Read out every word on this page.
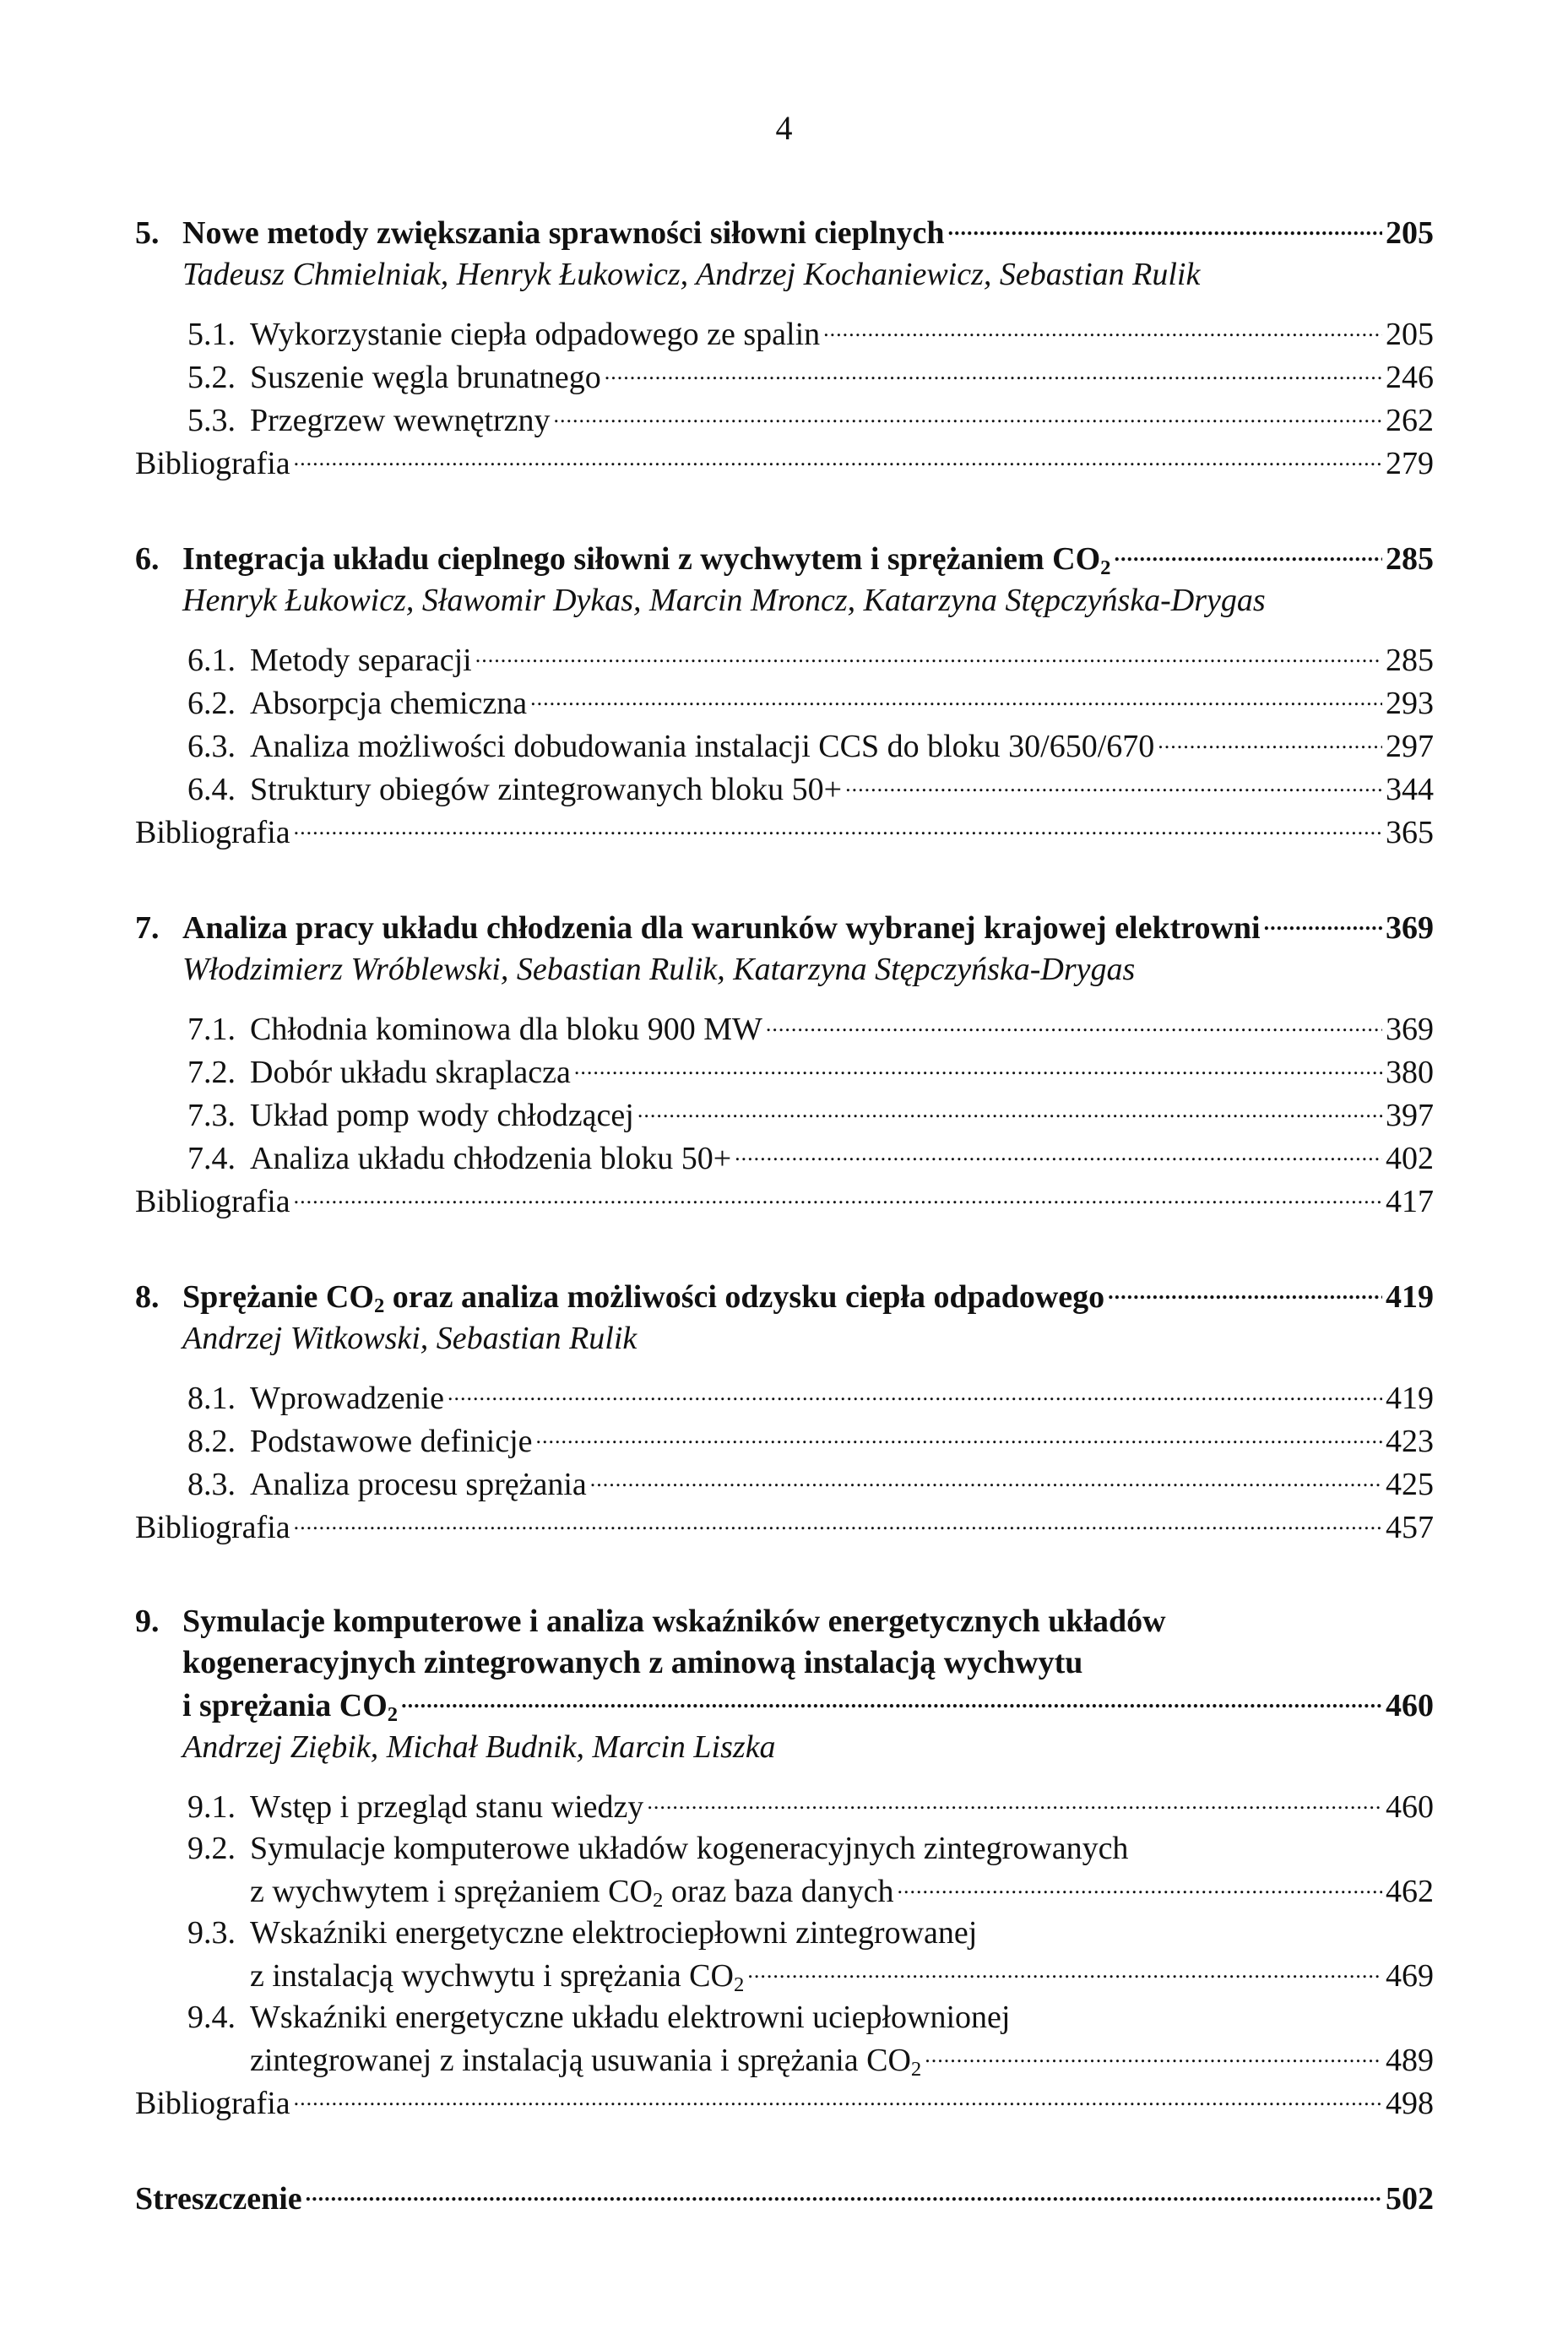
4
5. Nowe metody zwiększania sprawności siłowni cieplnych .....	205
Tadeusz Chmielniak, Henryk Łukowicz, Andrzej Kochaniewicz, Sebastian Rulik
5.1. Wykorzystanie ciepła odpadowego ze spalin .....	205
5.2. Suszenie węgla brunatnego .....	246
5.3. Przegrzew wewnętrzny .....	262
Bibliografia .....	279
6. Integracja układu cieplnego siłowni z wychwytem i sprężaniem $CO_2$ .....	285
Henryk Łukowicz, Sławomir Dykas, Marcin Mroncz, Katarzyna Stępczyńska-Drygas
6.1. Metody separacji .....	285
6.2. Absorpcja chemiczna .....	293
6.3. Analiza możliwości dobudowania instalacji CCS do bloku 30/650/670 .....	297
6.4. Struktury obiegów zintegrowanych bloku 50+ .....	344
Bibliografia .....	365
7. Analiza pracy układu chłodzenia dla warunków wybranej krajowej elektrowni .....	369
Włodzimierz Wróblewski, Sebastian Rulik, Katarzyna Stępczyńska-Drygas
7.1. Chłodnia kominowa dla bloku 900 MW .....	369
7.2. Dobór układu skraplacza .....	380
7.3. Układ pomp wody chłodzącej .....	397
7.4. Analiza układu chłodzenia bloku 50+ .....	402
Bibliografia .....	417
8. Sprężanie $CO_2$ oraz analiza możliwości odzysku ciepła odpadowego .....	419
Andrzej Witkowski, Sebastian Rulik
8.1. Wprowadzenie .....	419
8.2. Podstawowe definicje .....	423
8.3. Analiza procesu sprężania .....	425
Bibliografia .....	457
9. Symulacje komputerowe i analiza wskaźników energetycznych układów
kogeneracyjnych zintegrowanych z aminową instalacją wychwytu
i sprężania $CO_2$ .....	460
Andrzej Ziębik, Michał Budnik, Marcin Liszka
9.1. Wstęp i przegląd stanu wiedzy .....	460
9.2. Symulacje komputerowe układów kogeneracyjnych zintegrowanych
z wychwytem i sprężaniem $CO_2$ oraz baza danych .....	462
9.3. Wskaźniki energetyczne elektrociepłowni zintegrowanej
z instalacją wychwytu i sprężania $CO_2$ .....	469
9.4. Wskaźniki energetyczne układu elektrowni uciepłownionej
zintegrowanej z instalacją usuwania i sprężania $CO_2$ .....	489
Bibliografia .....	498
Streszczenie .....	502
